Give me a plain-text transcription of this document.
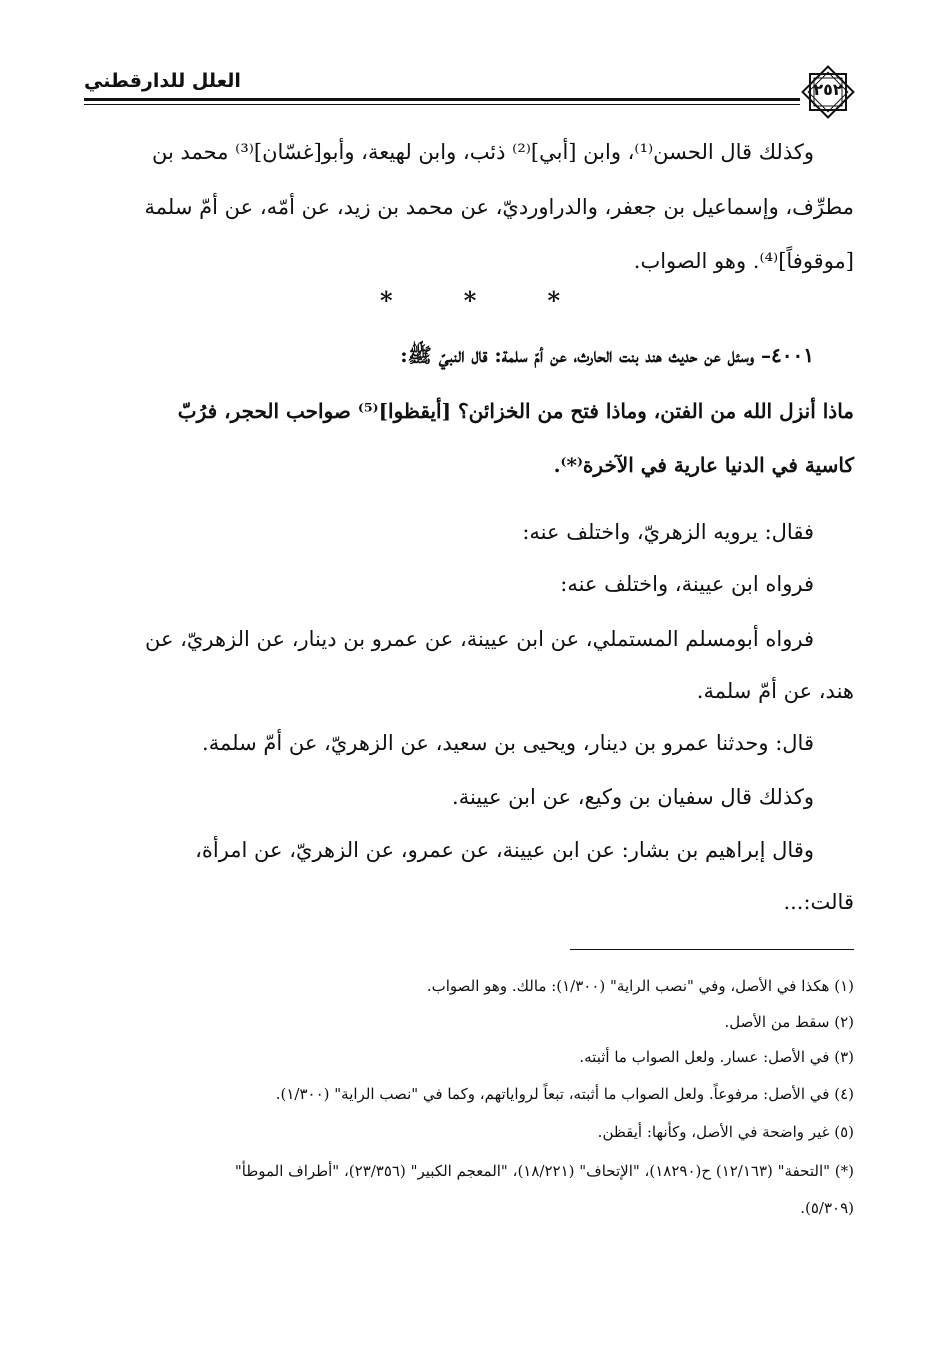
العلل للدارقطني	٢٥٢
وكذلك قال الحسن⁽¹⁾، وابن [أبي]⁽²⁾ ذئب، وابن لهيعة، وأبو[غسّان]⁽³⁾ محمد بن
مطرِّف، وإسماعيل بن جعفر، والدراورديّ، عن محمد بن زيد، عن أمّه، عن أمّ سلمة
[موقوفاً]⁽⁴⁾. وهو الصواب.
*	*	*
٤٠٠١– وسئل عن حديث هند بنت الحارث، عن أمّ سلمة: قال النبيّ ﷺ:
ماذا أنزل الله من الفتن، وماذا فتح من الخزائن؟ [أيقظوا]⁽⁵⁾ صواحب الحجر، فرُبّ
كاسية في الدنيا عارية في الآخرة⁽*⁾.
فقال: يرويه الزهريّ، واختلف عنه:
فرواه ابن عيينة، واختلف عنه:
فرواه أبومسلم المستملي، عن ابن عيينة، عن عمرو بن دينار، عن الزهريّ، عن
هند، عن أمّ سلمة.
قال: وحدثنا عمرو بن دينار، ويحيى بن سعيد، عن الزهريّ، عن أمّ سلمة.
وكذلك قال سفيان بن وكيع، عن ابن عيينة.
وقال إبراهيم بن بشار: عن ابن عيينة، عن عمرو، عن الزهريّ، عن امرأة،
قالت:...
(١) هكذا في الأصل، وفي "نصب الراية" (١/٣٠٠): مالك. وهو الصواب.
(٢) سقط من الأصل.
(٣) في الأصل: عسار. ولعل الصواب ما أثبته.
(٤) في الأصل: مرفوعاً. ولعل الصواب ما أثبته، تبعاً لرواياتهم، وكما في "نصب الراية" (١/٣٠٠).
(٥) غير واضحة في الأصل، وكأنها: أيقظن.
(*) "التحفة" (١٢/١٦٣) ح(١٨٢٩٠)، "الإتحاف" (١٨/٢٢١)، "المعجم الكبير" (٢٣/٣٥٦)، "أطراف الموطأ"
(٥/٣٠٩).
